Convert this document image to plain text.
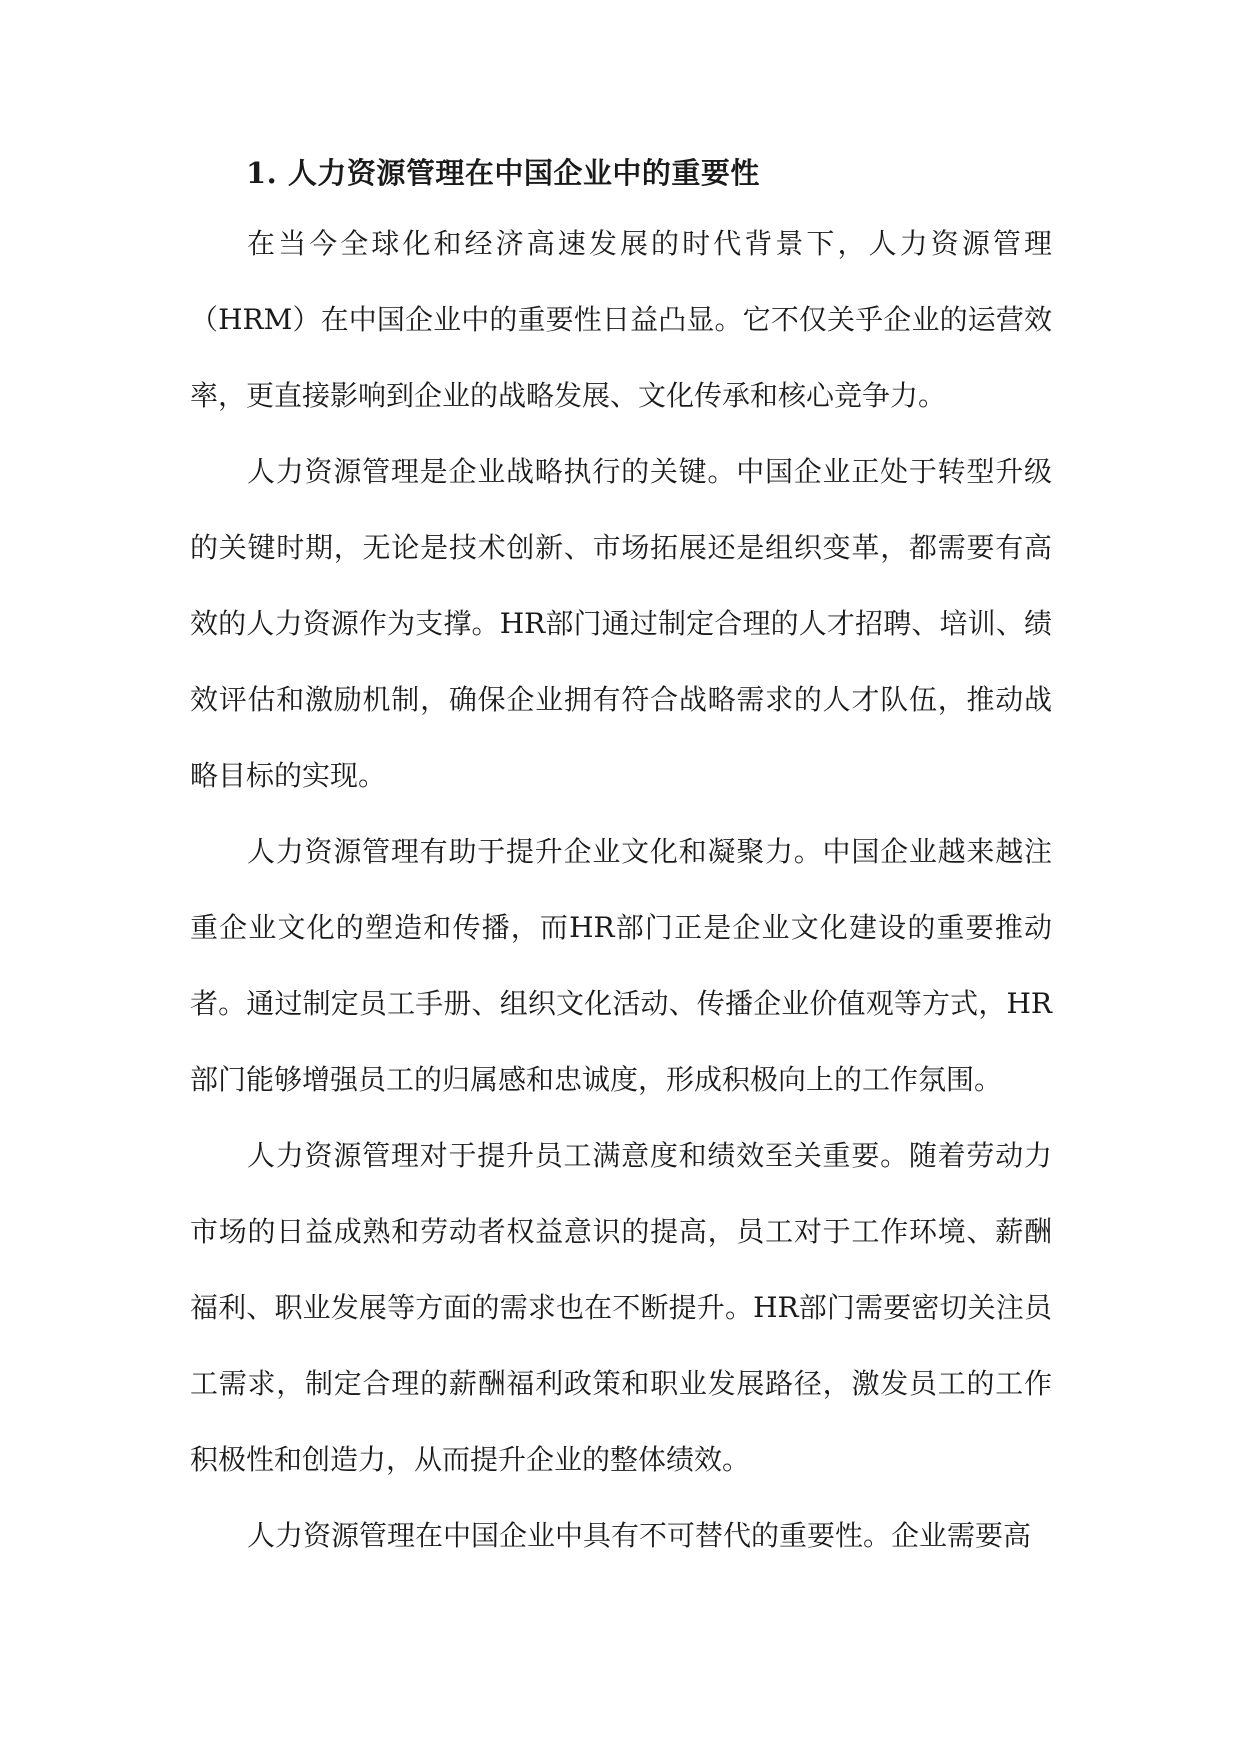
1. 人力资源管理在中国企业中的重要性

在当今全球化和经济高速发展的时代背景下，人力资源管理（HRM）在中国企业中的重要性日益凸显。它不仅关乎企业的运营效率，更直接影响到企业的战略发展、文化传承和核心竞争力。

人力资源管理是企业战略执行的关键。中国企业正处于转型升级的关键时期，无论是技术创新、市场拓展还是组织变革，都需要有高效的人力资源作为支撑。HR部门通过制定合理的人才招聘、培训、绩效评估和激励机制，确保企业拥有符合战略需求的人才队伍，推动战略目标的实现。

人力资源管理有助于提升企业文化和凝聚力。中国企业越来越注重企业文化的塑造和传播，而HR部门正是企业文化建设的重要推动者。通过制定员工手册、组织文化活动、传播企业价值观等方式，HR部门能够增强员工的归属感和忠诚度，形成积极向上的工作氛围。

人力资源管理对于提升员工满意度和绩效至关重要。随着劳动力市场的日益成熟和劳动者权益意识的提高，员工对于工作环境、薪酬福利、职业发展等方面的需求也在不断提升。HR部门需要密切关注员工需求，制定合理的薪酬福利政策和职业发展路径，激发员工的工作积极性和创造力，从而提升企业的整体绩效。

人力资源管理在中国企业中具有不可替代的重要性。企业需要高
